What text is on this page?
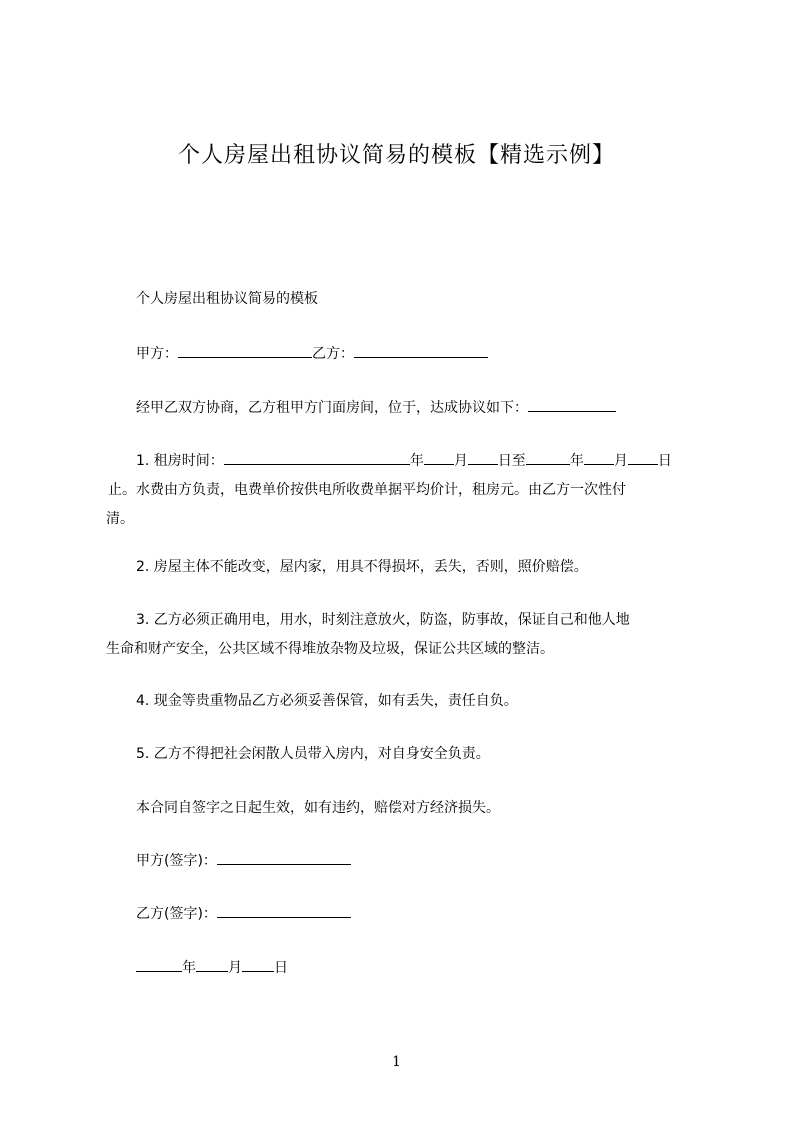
个人房屋出租协议简易的模板【精选示例】
个人房屋出租协议简易的模板
甲方：	乙方：
经甲乙双方协商，乙方租甲方门面房间，位于，达成协议如下：
1. 租房时间：	年 月 日至	年 月 日
止。水费由方负责，电费单价按供电所收费单据平均价计，租房元。由乙方一次性付
清。
2. 房屋主体不能改变，屋内家，用具不得损坏，丢失，否则，照价赔偿。
3. 乙方必须正确用电，用水，时刻注意放火，防盗，防事故，保证自己和他人地
生命和财产安全，公共区域不得堆放杂物及垃圾，保证公共区域的整洁。
4. 现金等贵重物品乙方必须妥善保管，如有丢失，责任自负。
5. 乙方不得把社会闲散人员带入房内，对自身安全负责。
本合同自签字之日起生效，如有违约，赔偿对方经济损失。
甲方(签字)：
乙方(签字)：
年 月 日
1
